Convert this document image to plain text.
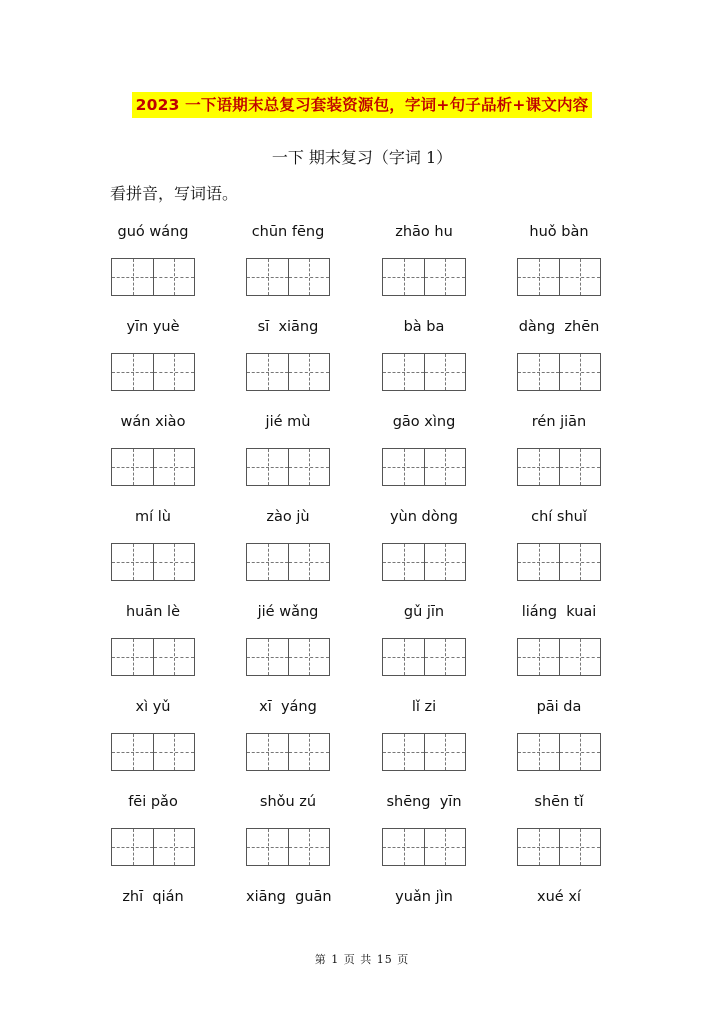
2023 一下语期末总复习套装资源包，字词+句子品析+课文内容
一下 期末复习（字词 1）
看拼音，写词语。
guó wáng	chūn fēng	zhāo hu	huǒ bàn
yīn yuè	sī  xiāng	bà ba	dàng  zhēn
wán xiào	jié mù	gāo xìng	rén jiān
mí lù	zào jù	yùn dòng	chí shuǐ
huān lè	jié wǎng	gǔ jīn	liáng  kuai
xì yǔ	xī  yáng	lǐ zi	pāi da
fēi pǎo	shǒu zú	shēng  yīn	shēn tǐ
zhī  qián	xiāng  guān	yuǎn jìn	xué xí
第 1 页 共 15 页
